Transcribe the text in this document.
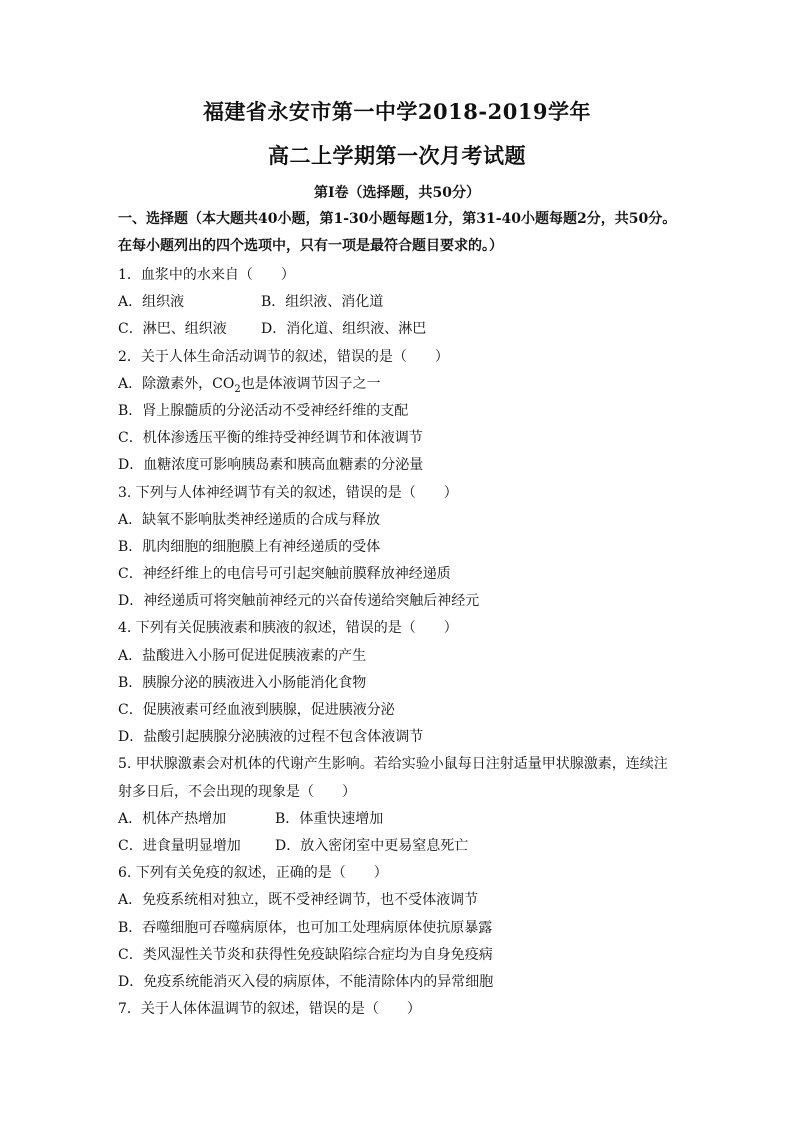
福建省永安市第一中学2018-2019学年
高二上学期第一次月考试题
第Ⅰ卷（选择题，共50分）
一、选择题（本大题共40小题，第1-30小题每题1分，第31-40小题每题2分，共50分。
在每小题列出的四个选项中，只有一项是最符合题目要求的。）
1．血浆中的水来自（　　）
A．组织液	B．组织液、消化道
C．淋巴、组织液 D．消化道、组织液、淋巴
2．关于人体生命活动调节的叙述，错误的是（　　）
A．除激素外，$CO_2$也是体液调节因子之一
B．肾上腺髓质的分泌活动不受神经纤维的支配
C．机体渗透压平衡的维持受神经调节和体液调节
D．血糖浓度可影响胰岛素和胰高血糖素的分泌量
3. 下列与人体神经调节有关的叙述，错误的是（　　）
A．缺氧不影响肽类神经递质的合成与释放
B．肌肉细胞的细胞膜上有神经递质的受体
C．神经纤维上的电信号可引起突触前膜释放神经递质
D．神经递质可将突触前神经元的兴奋传递给突触后神经元
4. 下列有关促胰液素和胰液的叙述，错误的是（　　）
A．盐酸进入小肠可促进促胰液素的产生
B．胰腺分泌的胰液进入小肠能消化食物
C．促胰液素可经血液到胰腺，促进胰液分泌
D．盐酸引起胰腺分泌胰液的过程不包含体液调节
5. 甲状腺激素会对机体的代谢产生影响。若给实验小鼠每日注射适量甲状腺激素，连续注
射多日后，不会出现的现象是（　　）
A．机体产热增加	B．体重快速增加
C．进食量明显增加 D．放入密闭室中更易窒息死亡
6. 下列有关免疫的叙述，正确的是（　　）
A．免疫系统相对独立，既不受神经调节，也不受体液调节
B．吞噬细胞可吞噬病原体，也可加工处理病原体使抗原暴露
C．类风湿性关节炎和获得性免疫缺陷综合症均为自身免疫病
D．免疫系统能消灭入侵的病原体，不能清除体内的异常细胞
7．关于人体体温调节的叙述，错误的是（　　）
